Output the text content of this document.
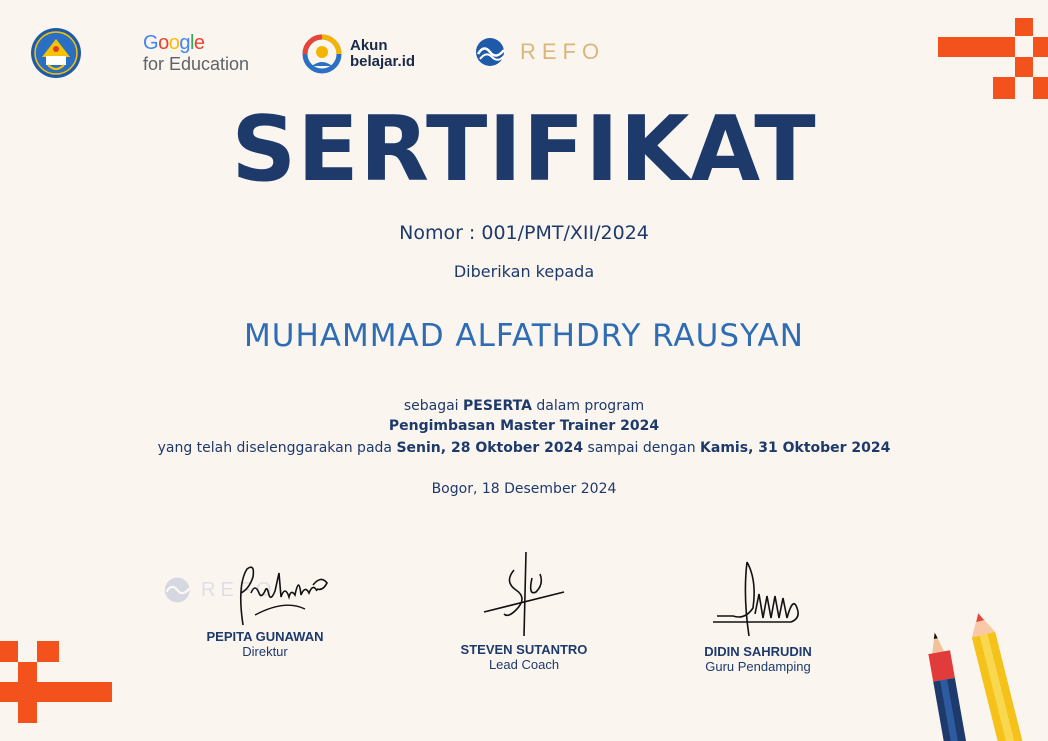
Google
for Education
Akun
belajar.id	REFO
SERTIFIKAT
Nomor : 001/PMT/XII/2024
Diberikan kepada
MUHAMMAD ALFATHDRY RAUSYAN
sebagai PESERTA dalam program
Pengimbasan Master Trainer 2024
yang telah diselenggarakan pada Senin, 28 Oktober 2024 sampai dengan Kamis, 31 Oktober 2024
Bogor, 18 Desember 2024
REFO
PEPITA GUNAWAN
Direktur	STEVEN SUTANTRO
Lead Coach
DIDIN SAHRUDIN
Guru Pendamping
